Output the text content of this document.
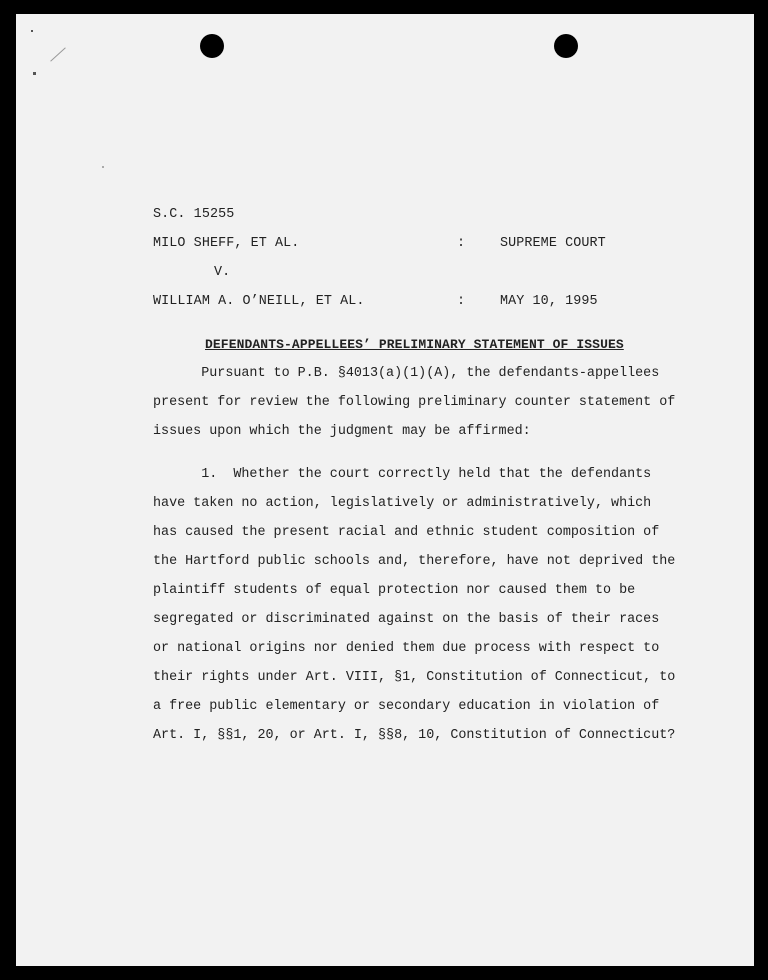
S.C. 15255
MILO SHEFF, ET AL.	:	SUPREME COURT
V.
WILLIAM A. O’NEILL, ET AL.	:	MAY 10, 1995
DEFENDANTS-APPELLEES’ PRELIMINARY STATEMENT OF ISSUES
Pursuant to P.B. §4013(a)(1)(A), the defendants-appellees
present for review the following preliminary counter statement of
issues upon which the judgment may be affirmed:
1.  Whether the court correctly held that the defendants
have taken no action, legislatively or administratively, which
has caused the present racial and ethnic student composition of
the Hartford public schools and, therefore, have not deprived the
plaintiff students of equal protection nor caused them to be
segregated or discriminated against on the basis of their races
or national origins nor denied them due process with respect to
their rights under Art. VIII, §1, Constitution of Connecticut, to
a free public elementary or secondary education in violation of
Art. I, §§1, 20, or Art. I, §§8, 10, Constitution of Connecticut?
